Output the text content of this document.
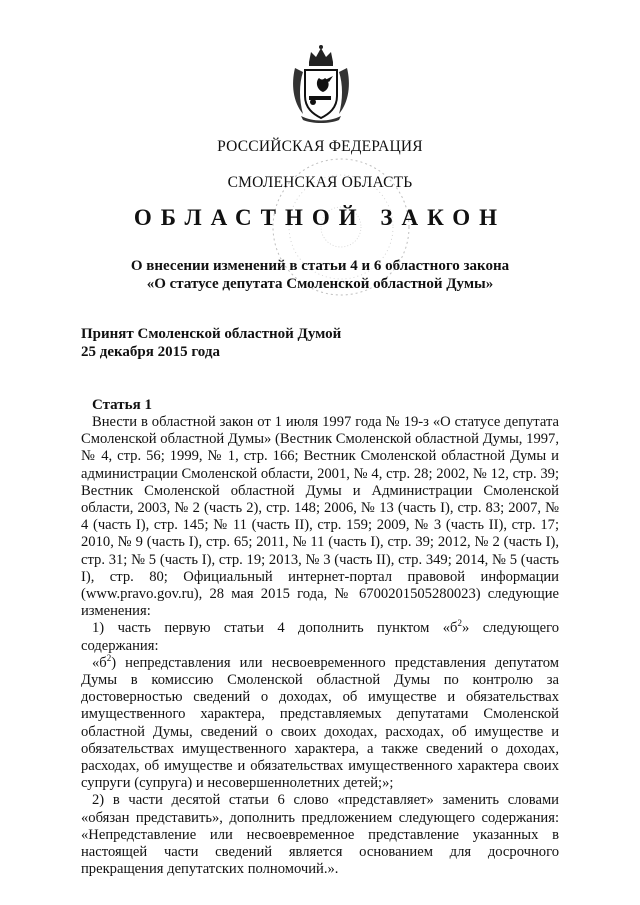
РОССИЙСКАЯ ФЕДЕРАЦИЯ
СМОЛЕНСКАЯ ОБЛАСТЬ
ОБЛАСТНОЙ ЗАКОН
О внесении изменений в статьи 4 и 6 областного закона
«О статусе депутата Смоленской областной Думы»
Принят Смоленской областной Думой
25 декабря 2015 года
Статья 1

Внести в областной закон от 1 июля 1997 года № 19-з «О статусе депутата Смоленской областной Думы» (Вестник Смоленской областной Думы, 1997, № 4, стр. 56; 1999, № 1, стр. 166; Вестник Смоленской областной Думы и администрации Смоленской области, 2001, № 4, стр. 28; 2002, № 12, стр. 39; Вестник Смоленской областной Думы и Администрации Смоленской области, 2003, № 2 (часть 2), стр. 148; 2006, № 13 (часть I), стр. 83; 2007, № 4 (часть I), стр. 145; № 11 (часть II), стр. 159; 2009, № 3 (часть II), стр. 17; 2010, № 9 (часть I), стр. 65; 2011, № 11 (часть I), стр. 39; 2012, № 2 (часть I), стр. 31; № 5 (часть I), стр. 19; 2013, № 3 (часть II), стр. 349; 2014, № 5 (часть I), стр. 80; Официальный интернет-портал правовой информации (www.pravo.gov.ru), 28 мая 2015 года, № 6700201505280023) следующие изменения:

1) часть первую статьи 4 дополнить пунктом «$б^2$» следующего содержания:

«$б^2$) непредставления или несвоевременного представления депутатом Думы в комиссию Смоленской областной Думы по контролю за достоверностью сведений о доходах, об имуществе и обязательствах имущественного характера, представляемых депутатами Смоленской областной Думы, сведений о своих доходах, расходах, об имуществе и обязательствах имущественного характера, а также сведений о доходах, расходах, об имуществе и обязательствах имущественного характера своих супруги (супруга) и несовершеннолетних детей;»;

2) в части десятой статьи 6 слово «представляет» заменить словами «обязан представить», дополнить предложением следующего содержания: «Непредставление или несвоевременное представление указанных в настоящей части сведений является основанием для досрочного прекращения депутатских полномочий.».
